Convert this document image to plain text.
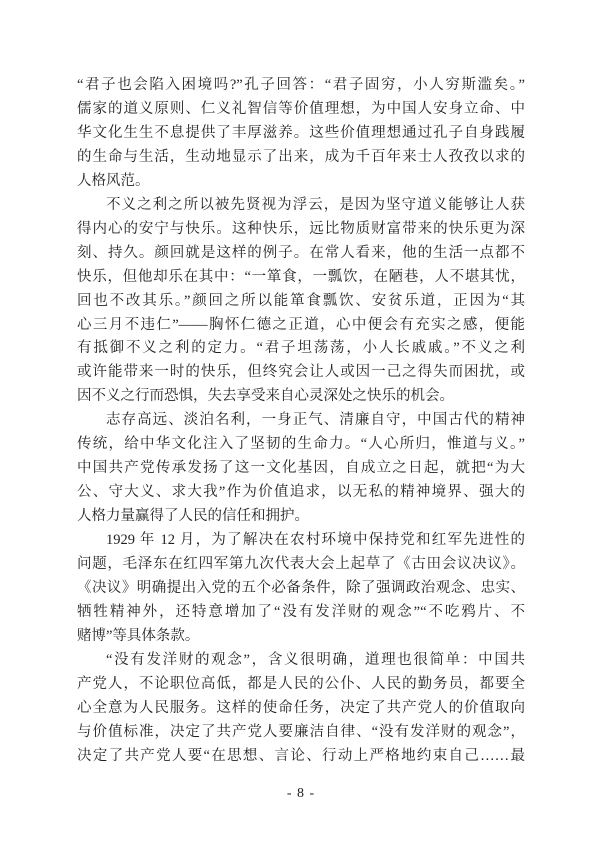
“君子也会陷入困境吗?”孔子回答：“君子固穷，小人穷斯滥矣。”
儒家的道义原则、仁义礼智信等价值理想，为中国人安身立命、中
华文化生生不息提供了丰厚滋养。这些价值理想通过孔子自身践履
的生命与生活，生动地显示了出来，成为千百年来士人孜孜以求的
人格风范。
不义之利之所以被先贤视为浮云，是因为坚守道义能够让人获
得内心的安宁与快乐。这种快乐，远比物质财富带来的快乐更为深
刻、持久。颜回就是这样的例子。在常人看来，他的生活一点都不
快乐，但他却乐在其中：“一箪食，一瓢饮，在陋巷，人不堪其忧，
回也不改其乐。”颜回之所以能箪食瓢饮、安贫乐道，正因为“其
心三月不违仁”——胸怀仁德之正道，心中便会有充实之感，便能
有抵御不义之利的定力。“君子坦荡荡，小人长戚戚。”不义之利
或许能带来一时的快乐，但终究会让人或因一己之得失而困扰，或
因不义之行而恐惧，失去享受来自心灵深处之快乐的机会。
志存高远、淡泊名利，一身正气、清廉自守，中国古代的精神
传统，给中华文化注入了坚韧的生命力。“人心所归，惟道与义。”
中国共产党传承发扬了这一文化基因，自成立之日起，就把“为大
公、守大义、求大我”作为价值追求，以无私的精神境界、强大的
人格力量赢得了人民的信任和拥护。
1929 年 12 月，为了解决在农村环境中保持党和红军先进性的
问题，毛泽东在红四军第九次代表大会上起草了《古田会议决议》。
《决议》明确提出入党的五个必备条件，除了强调政治观念、忠实、
牺牲精神外，还特意增加了“没有发洋财的观念”“不吃鸦片、不
赌博”等具体条款。
“没有发洋财的观念”，含义很明确，道理也很简单：中国共
产党人，不论职位高低，都是人民的公仆、人民的勤务员，都要全
心全意为人民服务。这样的使命任务，决定了共产党人的价值取向
与价值标准，决定了共产党人要廉洁自律、“没有发洋财的观念”，
决定了共产党人要“在思想、言论、行动上严格地约束自己……最
- 8 -
